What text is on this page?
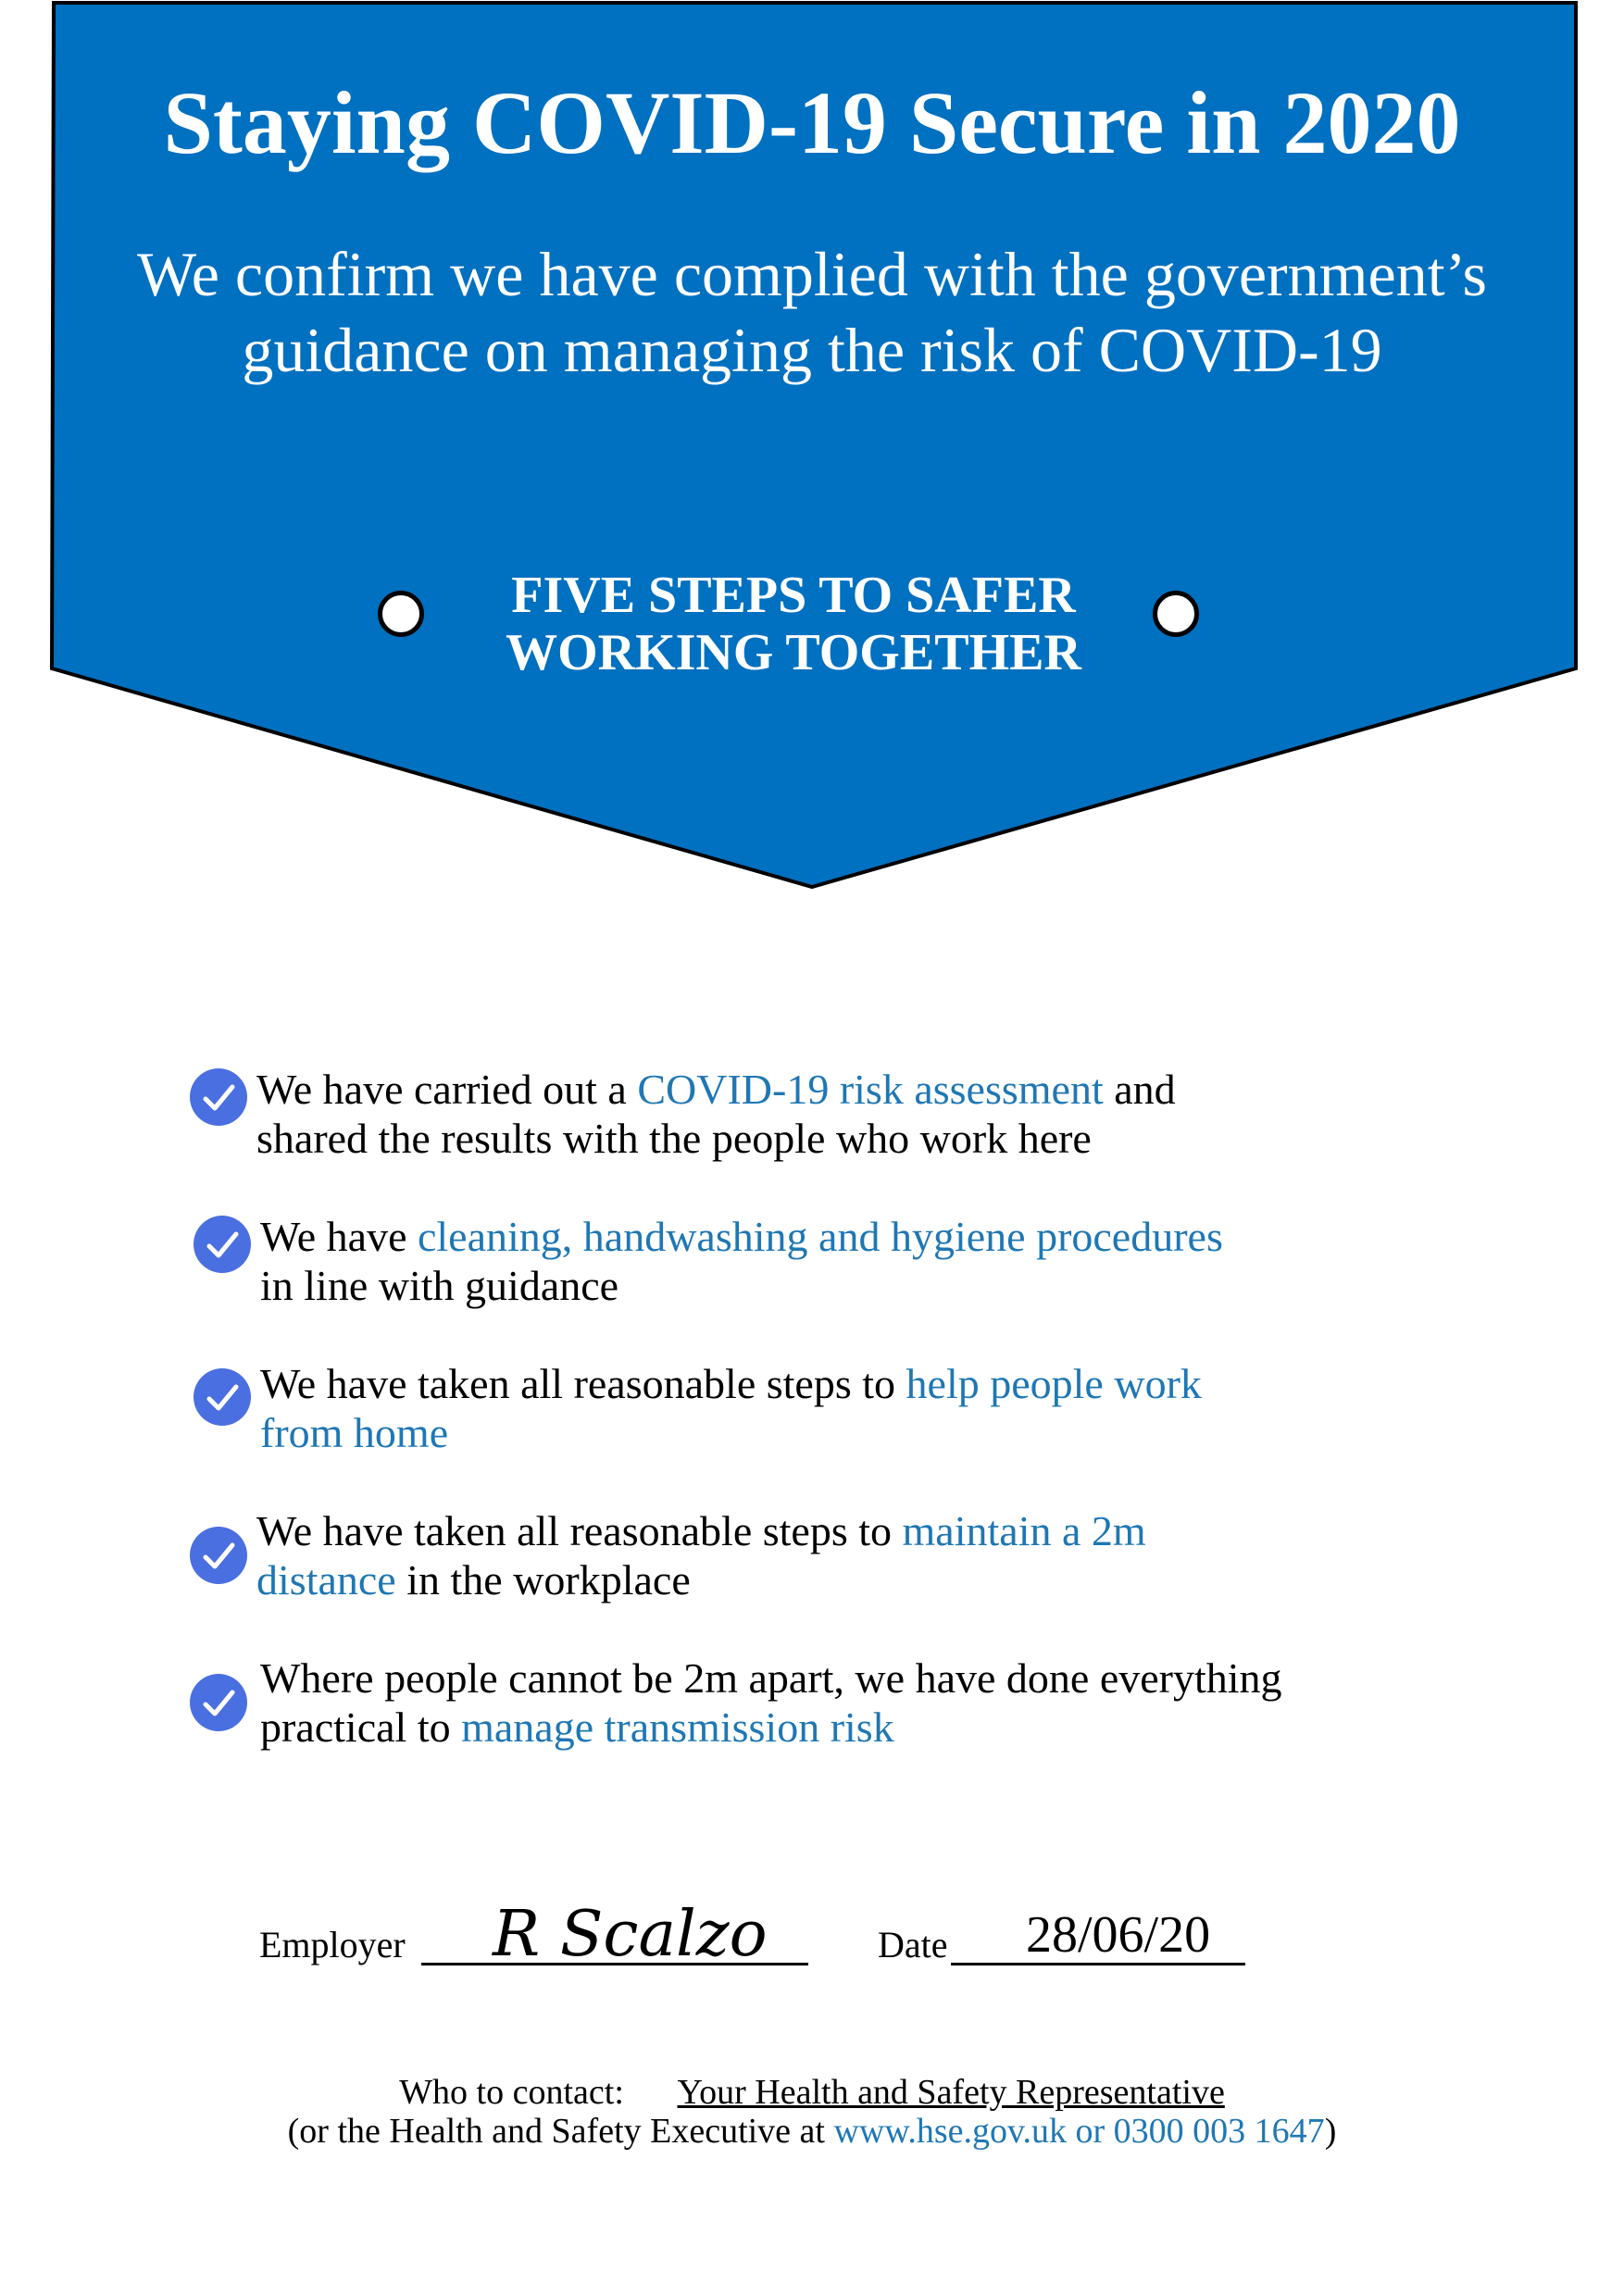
Staying COVID-19 Secure in 2020
We confirm we have complied with the government’s
guidance on managing the risk of COVID-19
FIVE STEPS TO SAFER
WORKING TOGETHER
We have carried out a COVID-19 risk assessment and
shared the results with the people who work here
We have cleaning, handwashing and hygiene procedures
in line with guidance
We have taken all reasonable steps to help people work
from home
We have taken all reasonable steps to maintain a 2m
distance in the workplace
Where people cannot be 2m apart, we have done everything
practical to manage transmission risk
Employer R Scalzo	Date 28/06/20
Who to contact: Your Health and Safety Representative
(or the Health and Safety Executive at www.hse.gov.uk or 0300 003 1647)
